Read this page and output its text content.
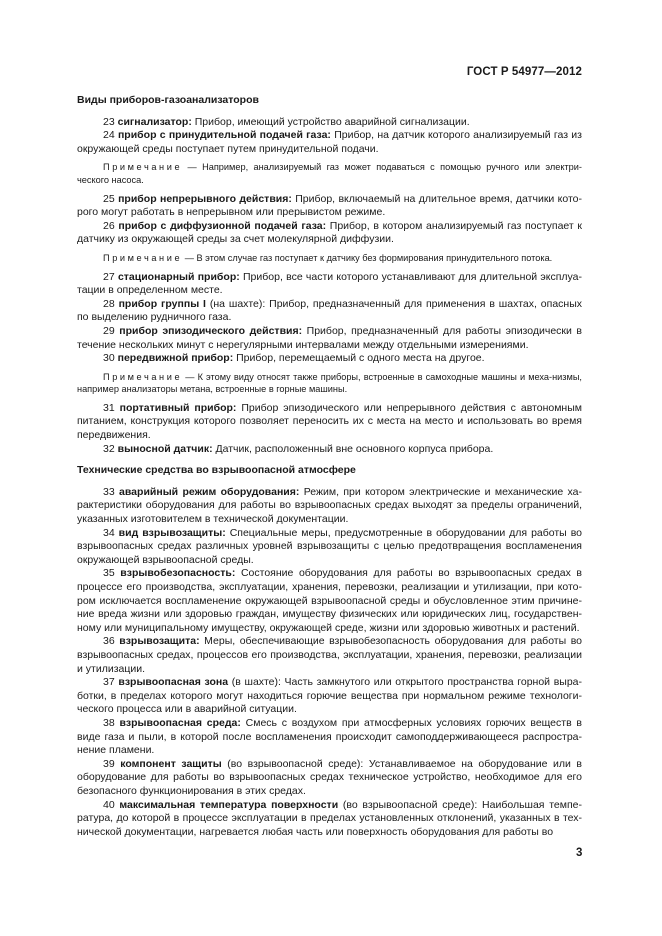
ГОСТ Р 54977—2012
Виды приборов-газоанализаторов

23 сигнализатор: Прибор, имеющий устройство аварийной сигнализации.

24 прибор с принудительной подачей газа: Прибор, на датчик которого анализируемый газ из окружающей среды поступает путем принудительной подачи.

Примечание — Например, анализируемый газ может подаваться с помощью ручного или электри-ческого насоса.

25 прибор непрерывного действия: Прибор, включаемый на длительное время, датчики кото-рого могут работать в непрерывном или прерывистом режиме.

26 прибор с диффузионной подачей газа: Прибор, в котором анализируемый газ поступает к датчику из окружающей среды за счет молекулярной диффузии.

Примечание — В этом случае газ поступает к датчику без формирования принудительного потока.

27 стационарный прибор: Прибор, все части которого устанавливают для длительной эксплуа-тации в определенном месте.

28 прибор группы I (на шахте): Прибор, предназначенный для применения в шахтах, опасных по выделению рудничного газа.

29 прибор эпизодического действия: Прибор, предназначенный для работы эпизодически в течение нескольких минут с нерегулярными интервалами между отдельными измерениями.

30 передвижной прибор: Прибор, перемещаемый с одного места на другое.

Примечание — К этому виду относят также приборы, встроенные в самоходные машины и меха-низмы, например анализаторы метана, встроенные в горные машины.

31 портативный прибор: Прибор эпизодического или непрерывного действия с автономным питанием, конструкция которого позволяет переносить их с места на место и использовать во время передвижения.

32 выносной датчик: Датчик, расположенный вне основного корпуса прибора.

Технические средства во взрывоопасной атмосфере

33 аварийный режим оборудования: Режим, при котором электрические и механические ха-рактеристики оборудования для работы во взрывоопасных средах выходят за пределы ограничений, указанных изготовителем в технической документации.

34 вид взрывозащиты: Специальные меры, предусмотренные в оборудовании для работы во взрывоопасных средах различных уровней взрывозащиты с целью предотвращения воспламенения окружающей взрывоопасной среды.

35 взрывобезопасность: Состояние оборудования для работы во взрывоопасных средах в процессе его производства, эксплуатации, хранения, перевозки, реализации и утилизации, при кото-ром исключается воспламенение окружающей взрывоопасной среды и обусловленное этим причине-ние вреда жизни или здоровью граждан, имуществу физических или юридических лиц, государствен-ному или муниципальному имуществу, окружающей среде, жизни или здоровью животных и растений.

36 взрывозащита: Меры, обеспечивающие взрывобезопасность оборудования для работы во взрывоопасных средах, процессов его производства, эксплуатации, хранения, перевозки, реализации и утилизации.

37 взрывоопасная зона (в шахте): Часть замкнутого или открытого пространства горной выра-ботки, в пределах которого могут находиться горючие вещества при нормальном режиме технологи-ческого процесса или в аварийной ситуации.

38 взрывоопасная среда: Смесь с воздухом при атмосферных условиях горючих веществ в виде газа и пыли, в которой после воспламенения происходит самоподдерживающееся распростра-нение пламени.

39 компонент защиты (во взрывоопасной среде): Устанавливаемое на оборудование или в оборудование для работы во взрывоопасных средах техническое устройство, необходимое для его безопасного функционирования в этих средах.

40 максимальная температура поверхности (во взрывоопасной среде): Наибольшая темпе-ратура, до которой в процессе эксплуатации в пределах установленных отклонений, указанных в тех-нической документации, нагревается любая часть или поверхность оборудования для работы во

3
